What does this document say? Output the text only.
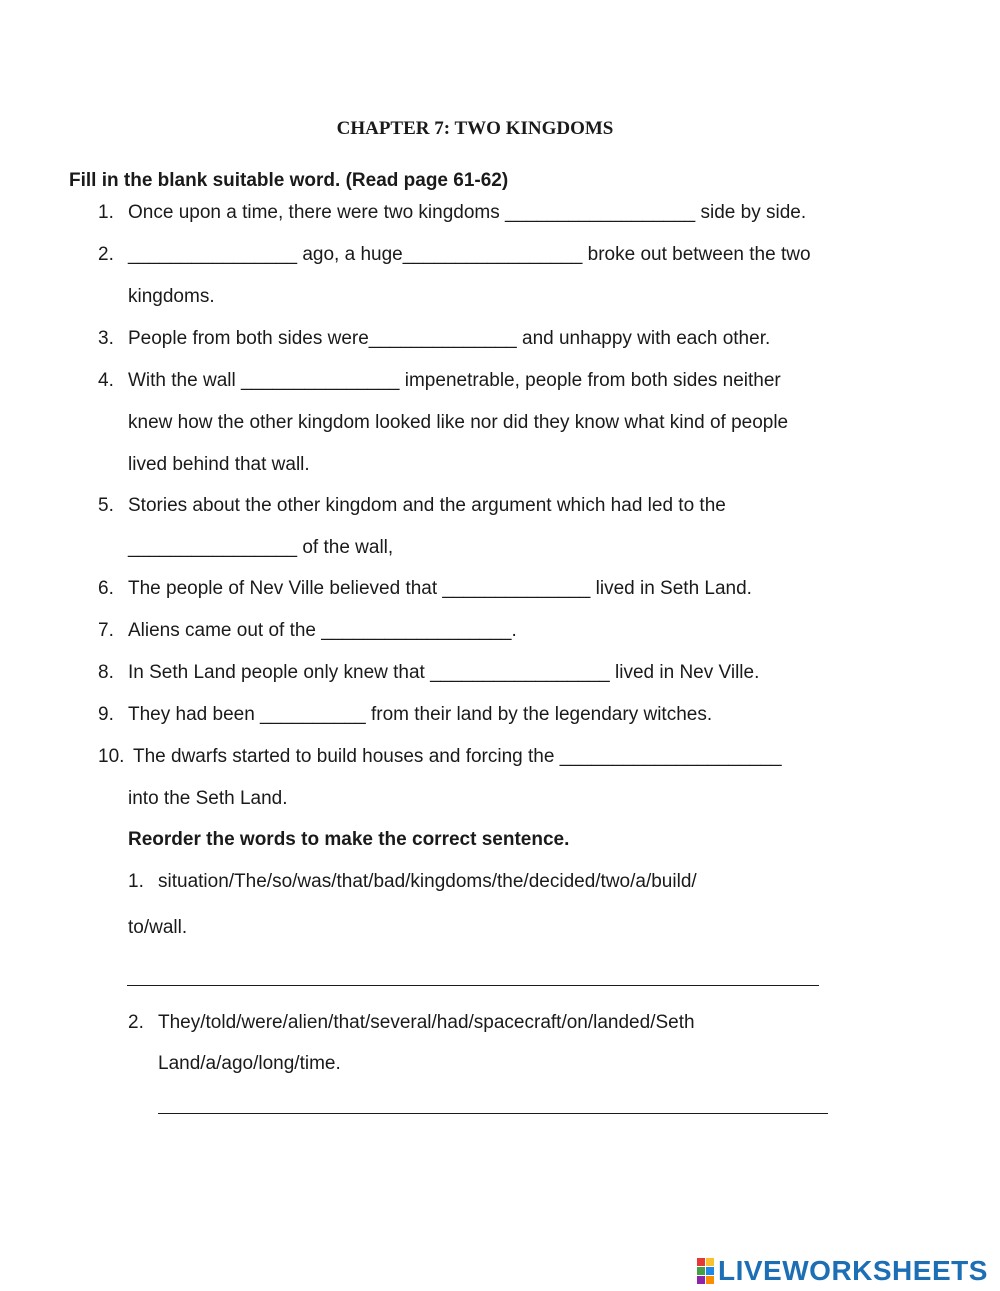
CHAPTER 7: TWO KINGDOMS
Fill in the blank suitable word. (Read page 61-62)
1. Once upon a time, there were two kingdoms __________________ side by side.
2. ________________ ago, a huge_________________ broke out between the two
kingdoms.
3. People from both sides were______________ and unhappy with each other.
4. With the wall _______________ impenetrable, people from both sides neither
knew how the other kingdom looked like nor did they know what kind of people
lived behind that wall.
5. Stories about the other kingdom and the argument which had led to the
________________ of the wall,
6. The people of Nev Ville believed that ______________ lived in Seth Land.
7. Aliens came out of the __________________.
8. In Seth Land people only knew that _________________ lived in Nev Ville.
9. They had been __________ from their land by the legendary witches.
10. The dwarfs started to build houses and forcing the _____________________
into the Seth Land.
Reorder the words to make the correct sentence.
1. situation/The/so/was/that/bad/kingdoms/the/decided/two/a/build/
to/wall.
2. They/told/were/alien/that/several/had/spacecraft/on/landed/Seth
Land/a/ago/long/time.
LIVEWORKSHEETS
